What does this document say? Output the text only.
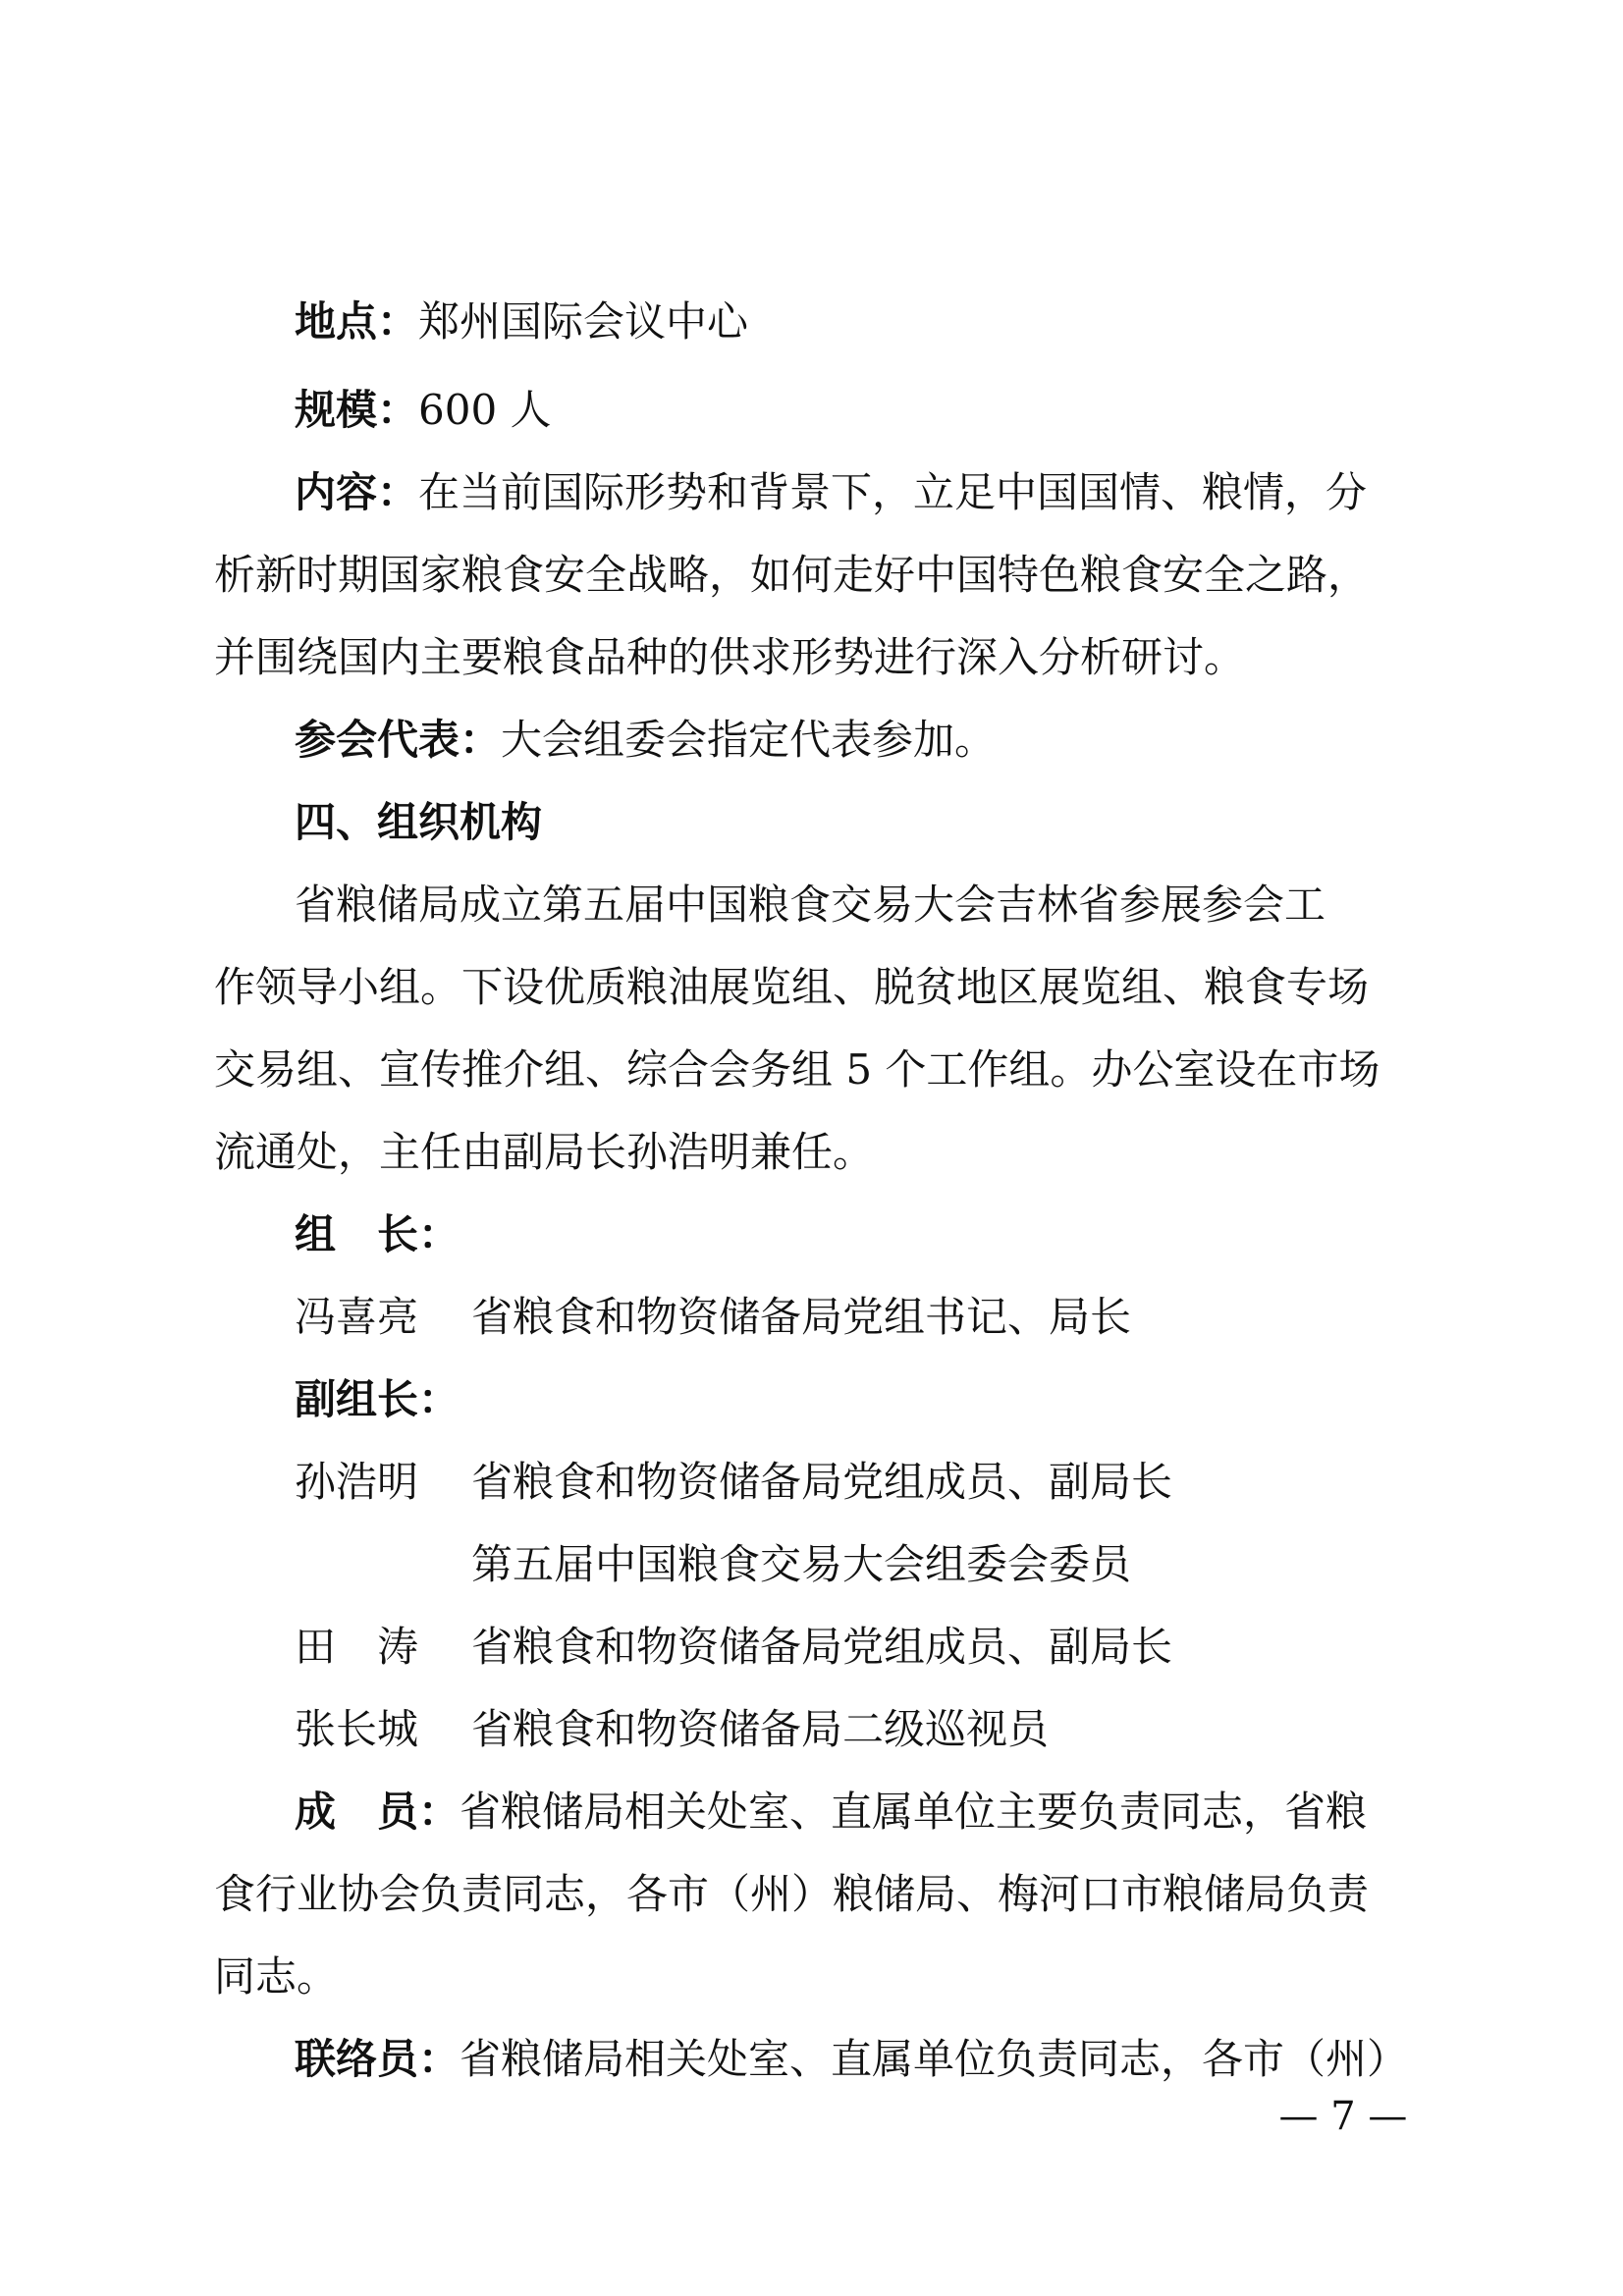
地点：郑州国际会议中心
规模：600 人
内容：在当前国际形势和背景下，立足中国国情、粮情，分
析新时期国家粮食安全战略，如何走好中国特色粮食安全之路，
并围绕国内主要粮食品种的供求形势进行深入分析研讨。
参会代表：大会组委会指定代表参加。
四、组织机构
省粮储局成立第五届中国粮食交易大会吉林省参展参会工
作领导小组。下设优质粮油展览组、脱贫地区展览组、粮食专场
交易组、宣传推介组、综合会务组 5 个工作组。办公室设在市场
流通处，主任由副局长孙浩明兼任。
组　长：
冯喜亮	省粮食和物资储备局党组书记、局长
副组长：
孙浩明	省粮食和物资储备局党组成员、副局长
第五届中国粮食交易大会组委会委员
田　涛	省粮食和物资储备局党组成员、副局长
张长城	省粮食和物资储备局二级巡视员
成　员：省粮储局相关处室、直属单位主要负责同志，省粮
食行业协会负责同志，各市（州）粮储局、梅河口市粮储局负责
同志。
联络员：省粮储局相关处室、直属单位负责同志，各市（州）
— 7 —
